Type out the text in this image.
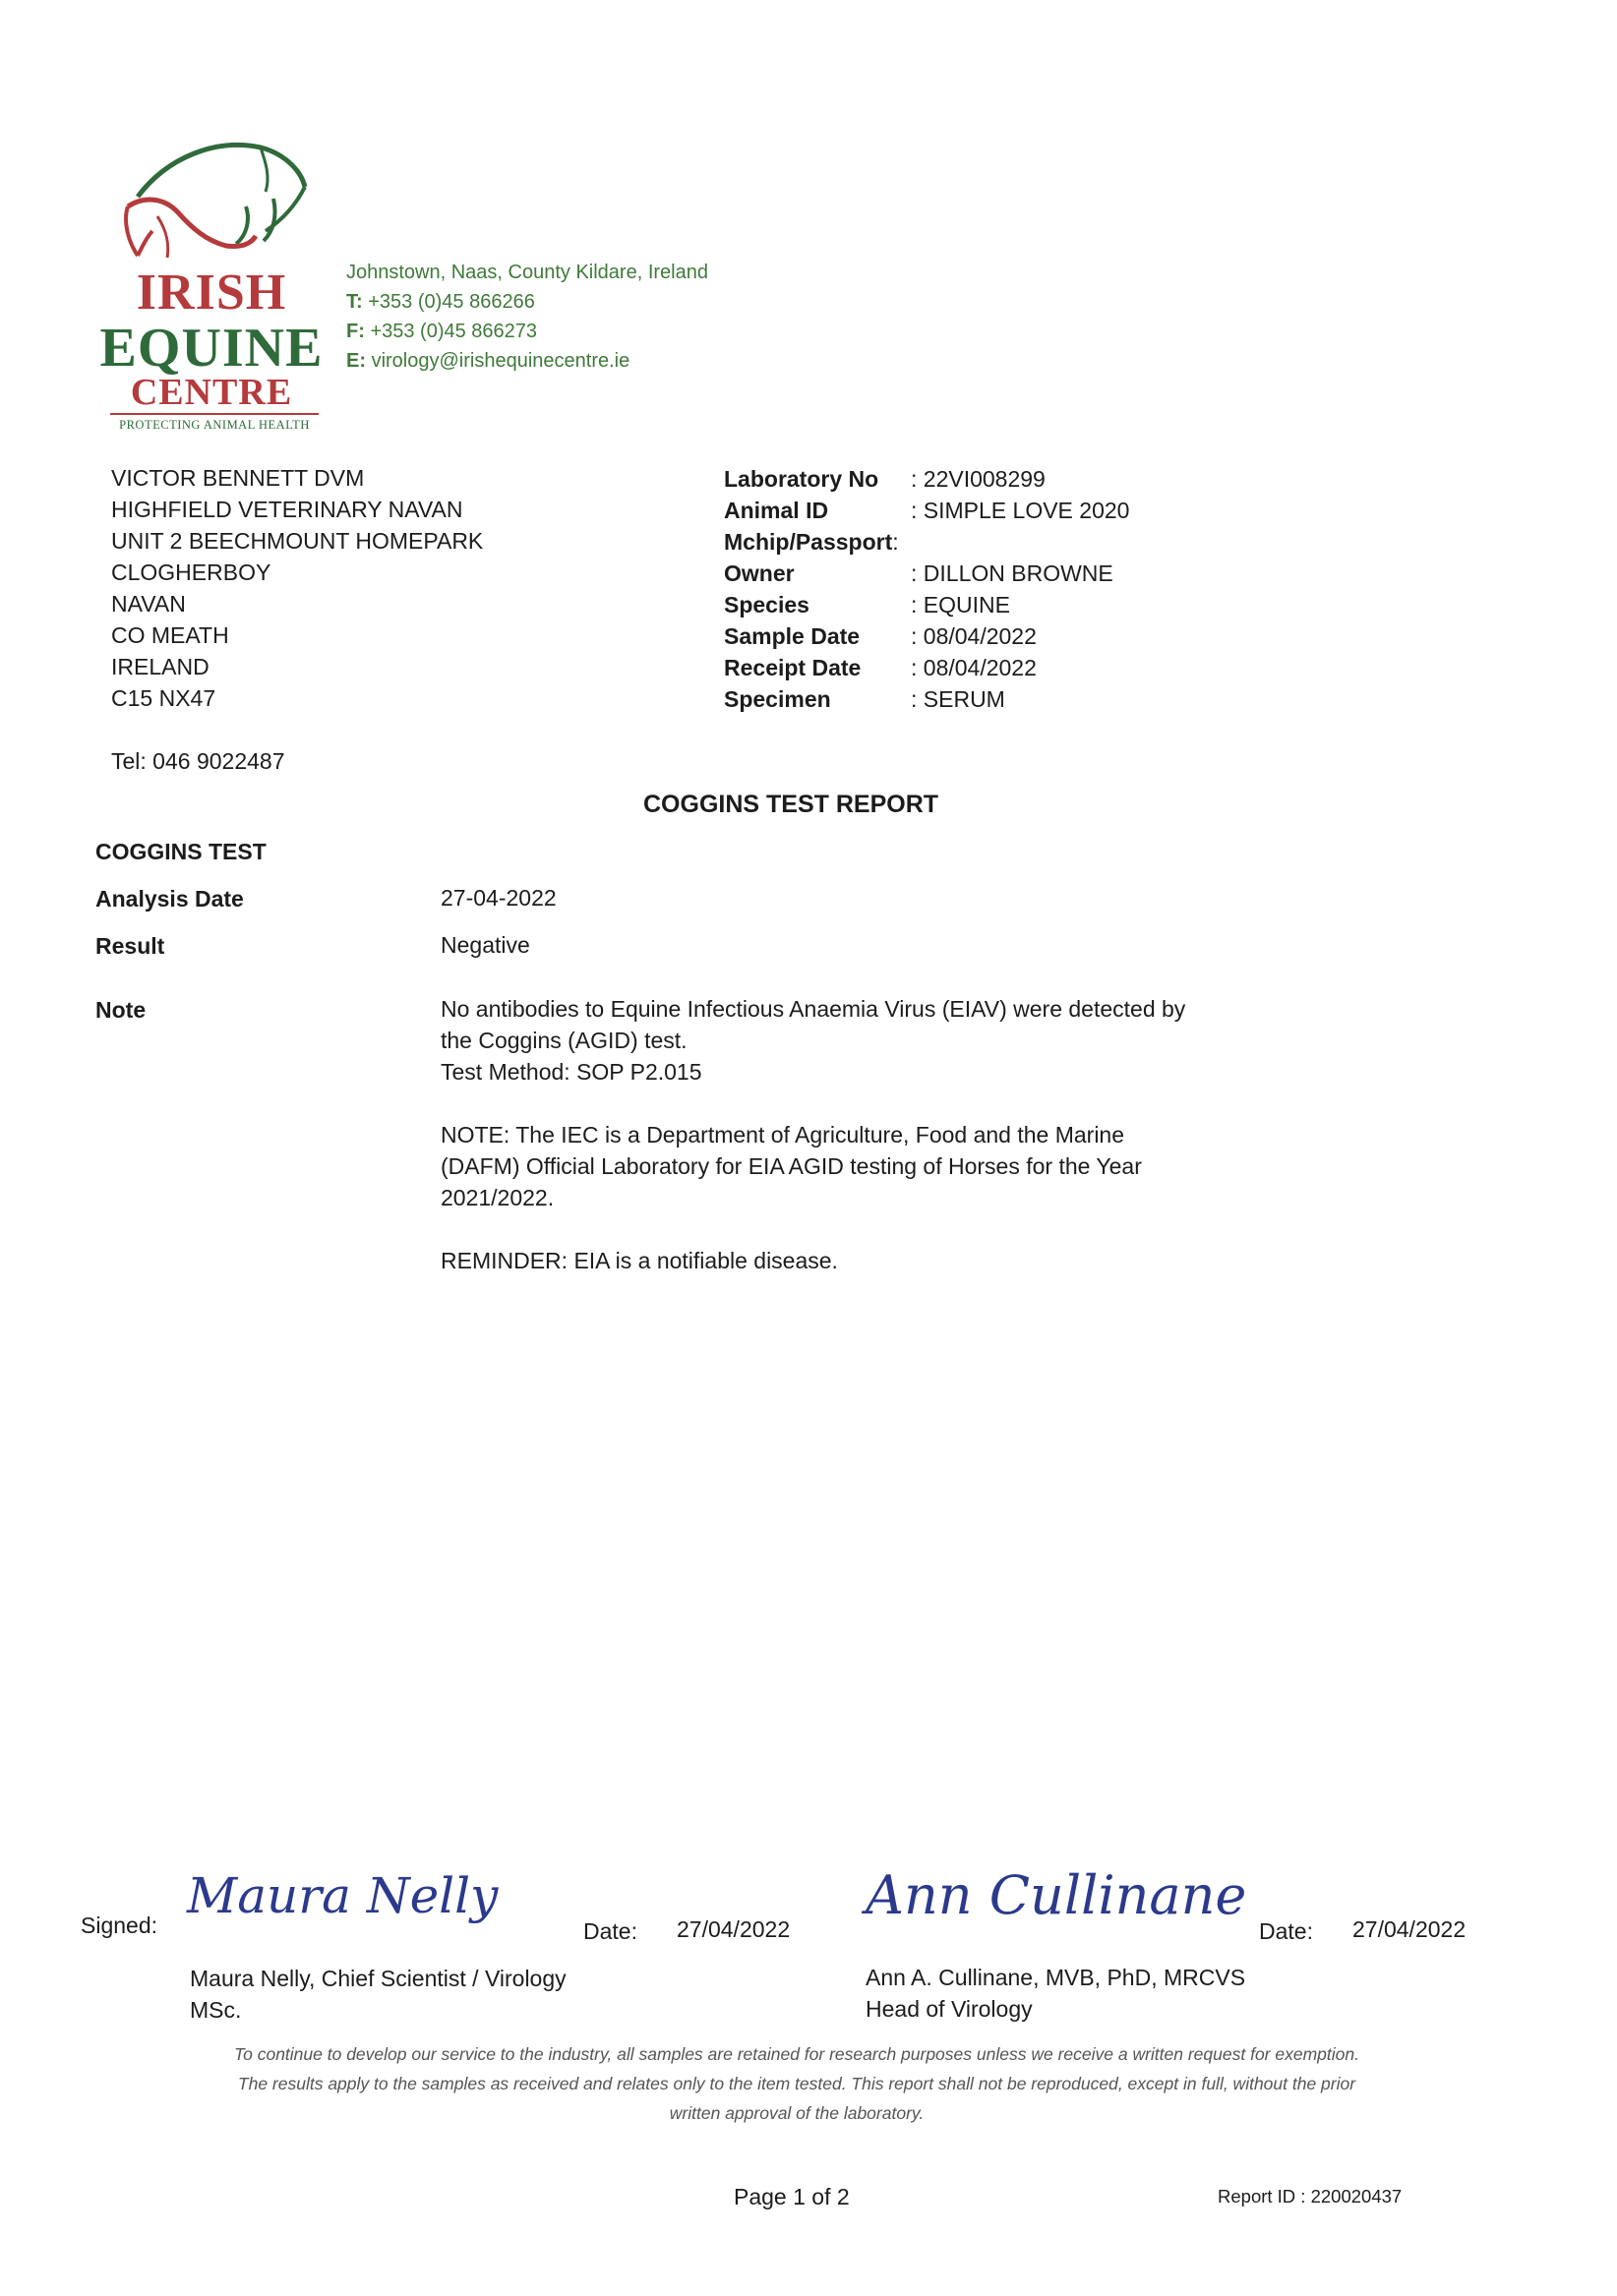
IRISH
EQUINE
CENTRE
PROTECTING ANIMAL HEALTH
Johnstown, Naas, County Kildare, Ireland
T: +353 (0)45 866266
F: +353 (0)45 866273
E: virology@irishequinecentre.ie
VICTOR BENNETT DVM
HIGHFIELD VETERINARY NAVAN
UNIT 2 BEECHMOUNT HOMEPARK
CLOGHERBOY
NAVAN
CO MEATH
IRELAND
C15 NX47
Tel: 046 9022487
Laboratory No	: 22VI008299
Animal ID	: SIMPLE LOVE 2020
Mchip/Passport :
Owner	: DILLON BROWNE
Species	: EQUINE
Sample Date	: 08/04/2022
Receipt Date	: 08/04/2022
Specimen	: SERUM
COGGINS TEST REPORT
COGGINS TEST
Analysis Date	27-04-2022
Result	Negative
Note	No antibodies to Equine Infectious Anaemia Virus (EIAV) were detected by
the Coggins (AGID) test.
Test Method: SOP P2.015
NOTE: The IEC is a Department of Agriculture, Food and the Marine
(DAFM) Official Laboratory for EIA AGID testing of Horses for the Year
2021/2022.
REMINDER: EIA is a notifiable disease.
Signed:
Maura Nelly
Date: 27/04/2022
Maura Nelly, Chief Scientist / Virology
MSc.
Ann Cullinane
Date: 27/04/2022
Ann A. Cullinane, MVB, PhD, MRCVS
Head of Virology
To continue to develop our service to the industry, all samples are retained for research purposes unless we receive a written request for exemption.
The results apply to the samples as received and relates only to the item tested. This report shall not be reproduced, except in full, without the prior
written approval of the laboratory.
Page 1 of 2	Report ID : 220020437
